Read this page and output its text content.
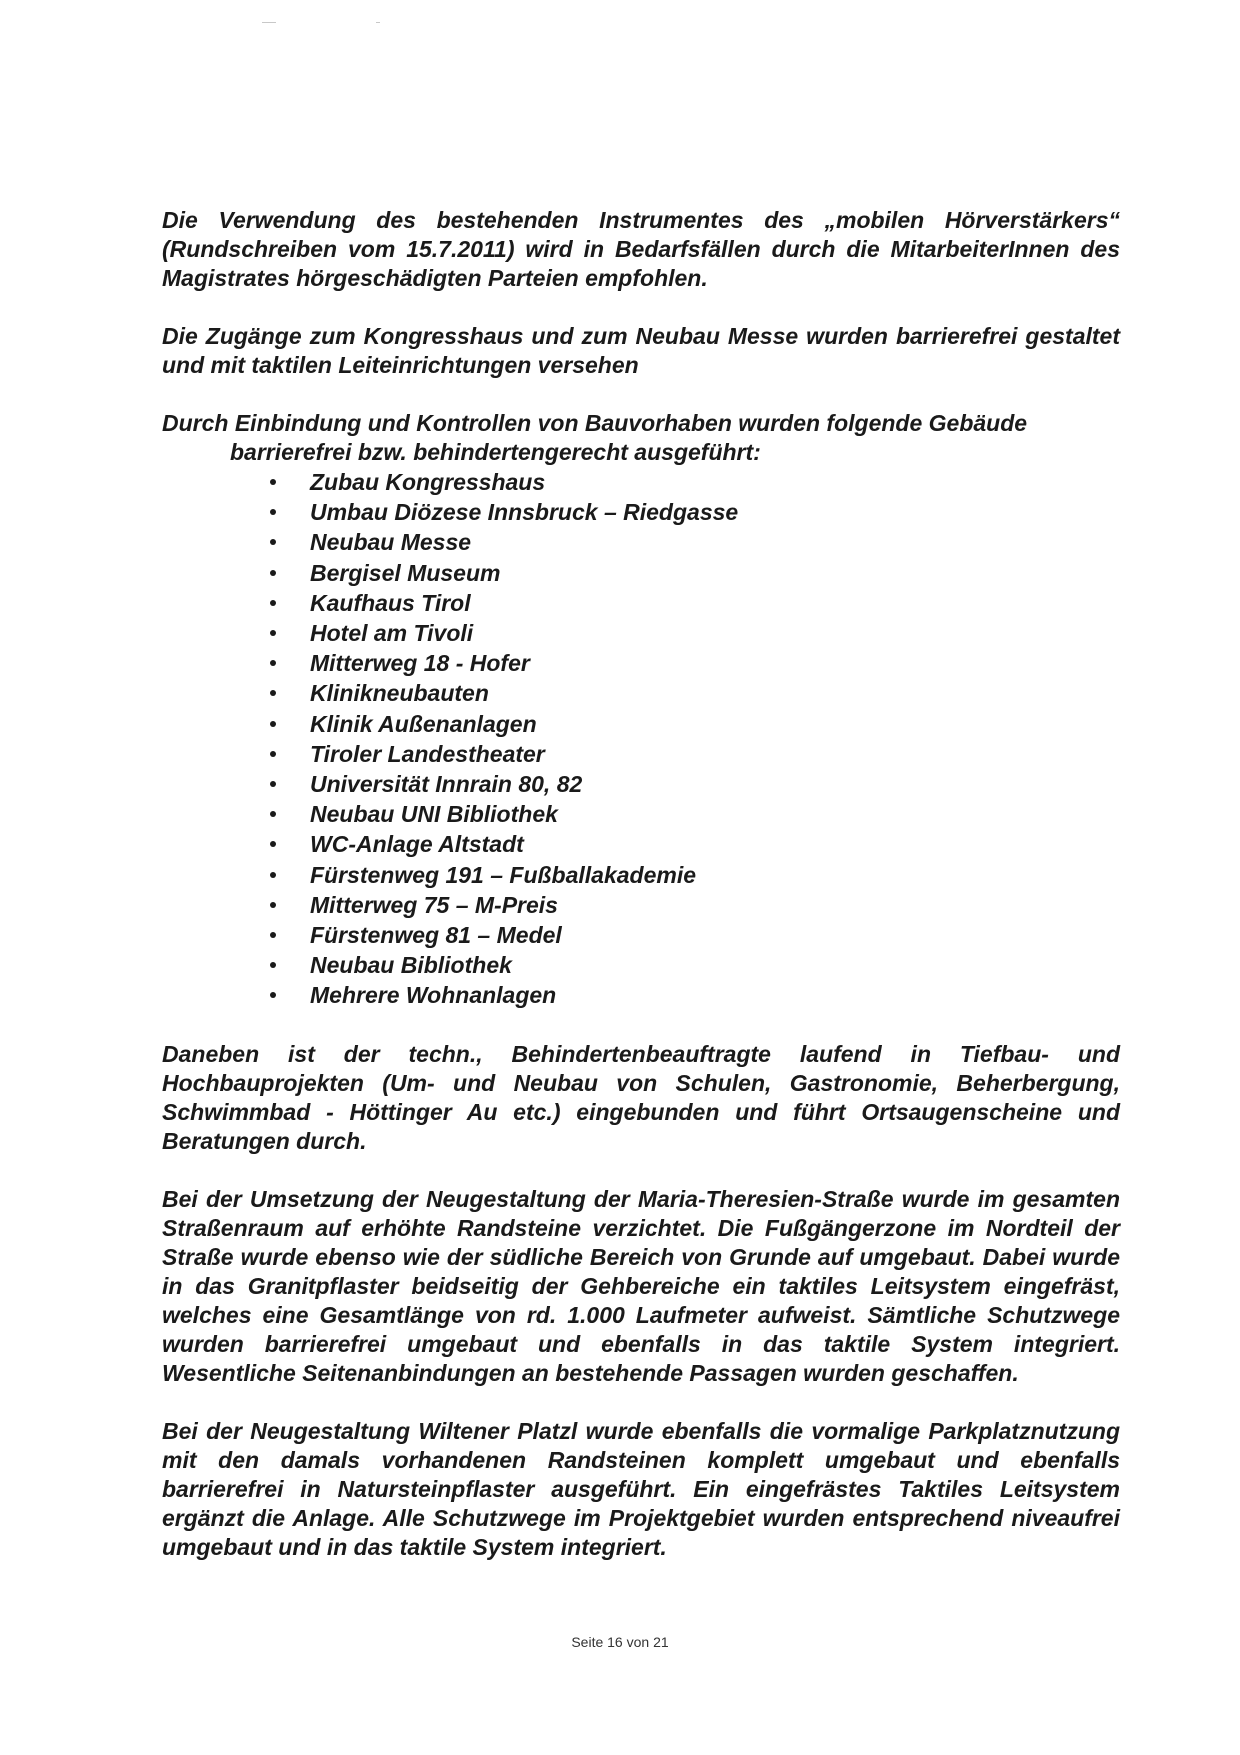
Die Verwendung des bestehenden Instrumentes des „mobilen Hörverstärkers“ (Rundschreiben vom 15.7.2011) wird in Bedarfsfällen durch die MitarbeiterInnen des Magistrates hörgeschädigten Parteien empfohlen.

Die Zugänge zum Kongresshaus und zum Neubau Messe wurden barrierefrei gestaltet und mit taktilen Leiteinrichtungen versehen

Durch Einbindung und Kontrollen von Bauvorhaben wurden folgende Gebäude
barrierefrei bzw. behindertengerecht ausgeführt:
Zubau Kongresshaus
Umbau Diözese Innsbruck – Riedgasse
Neubau Messe
Bergisel Museum
Kaufhaus Tirol
Hotel am Tivoli
Mitterweg 18 - Hofer
Klinikneubauten
Klinik Außenanlagen
Tiroler Landestheater
Universität Innrain 80, 82
Neubau UNI Bibliothek
WC-Anlage Altstadt
Fürstenweg 191 – Fußballakademie
Mitterweg 75 – M-Preis
Fürstenweg 81 – Medel
Neubau Bibliothek
Mehrere Wohnanlagen

Daneben ist der techn., Behindertenbeauftragte laufend in Tiefbau- und Hochbauprojekten (Um- und Neubau von Schulen, Gastronomie, Beherbergung, Schwimmbad - Höttinger Au etc.) eingebunden und führt Ortsaugenscheine und Beratungen durch.

Bei der Umsetzung der Neugestaltung der Maria-Theresien-Straße wurde im gesamten Straßenraum auf erhöhte Randsteine verzichtet. Die Fußgängerzone im Nordteil der Straße wurde ebenso wie der südliche Bereich von Grunde auf umgebaut. Dabei wurde in das Granitpflaster beidseitig der Gehbereiche ein taktiles Leitsystem eingefräst, welches eine Gesamtlänge von rd. 1.000 Laufmeter aufweist. Sämtliche Schutzwege wurden barrierefrei umgebaut und ebenfalls in das taktile System integriert. Wesentliche Seitenanbindungen an bestehende Passagen wurden geschaffen.

Bei der Neugestaltung Wiltener Platzl wurde ebenfalls die vormalige Parkplatznutzung mit den damals vorhandenen Randsteinen komplett umgebaut und ebenfalls barrierefrei in Natursteinpflaster ausgeführt. Ein eingefrästes Taktiles Leitsystem ergänzt die Anlage. Alle Schutzwege im Projektgebiet wurden entsprechend niveaufrei umgebaut und in das taktile System integriert.

Seite 16 von 21
